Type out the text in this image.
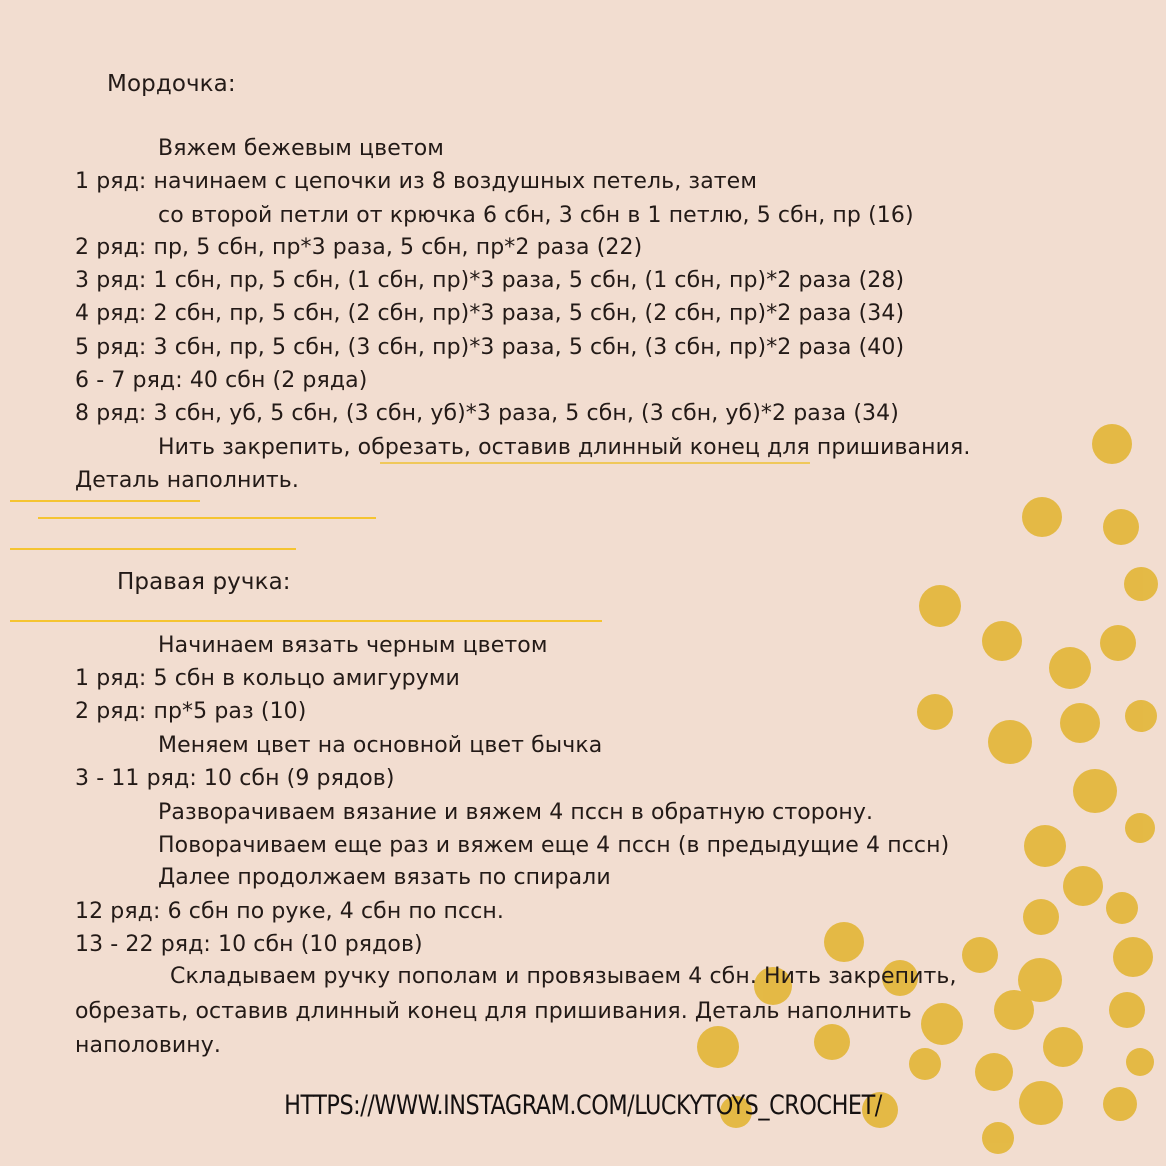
Мордочка:
Вяжем бежевым цветом
1 ряд: начинаем с цепочки из 8 воздушных петель, затем
со второй петли от крючка 6 сбн, 3 сбн в 1 петлю, 5 сбн, пр (16)
2 ряд: пр, 5 сбн, пр*3 раза, 5 сбн, пр*2 раза (22)
3 ряд: 1 сбн, пр, 5 сбн, (1 сбн, пр)*3 раза, 5 сбн, (1 сбн, пр)*2 раза (28)
4 ряд: 2 сбн, пр, 5 сбн, (2 сбн, пр)*3 раза, 5 сбн, (2 сбн, пр)*2 раза (34)
5 ряд: 3 сбн, пр, 5 сбн, (3 сбн, пр)*3 раза, 5 сбн, (3 сбн, пр)*2 раза (40)
6 - 7 ряд: 40 сбн (2 ряда)
8 ряд: 3 сбн, уб, 5 сбн, (3 сбн, уб)*3 раза, 5 сбн, (3 сбн, уб)*2 раза (34)
Нить закрепить, обрезать, оставив длинный конец для пришивания.
Деталь наполнить.
Правая ручка:
Начинаем вязать черным цветом
1 ряд: 5 сбн в кольцо амигуруми
2 ряд: пр*5 раз (10)
Меняем цвет на основной цвет бычка
3 - 11 ряд: 10 сбн (9 рядов)
Разворачиваем вязание и вяжем 4 пссн в обратную сторону.
Поворачиваем еще раз и вяжем еще 4 пссн (в предыдущие 4 пссн)
Далее продолжаем вязать по спирали
12 ряд: 6 сбн по руке, 4 сбн по пссн.
13 - 22 ряд: 10 сбн (10 рядов)
Складываем ручку пополам и провязываем 4 сбн. Нить закрепить,
обрезать, оставив длинный конец для пришивания. Деталь наполнить
наполовину.
HTTPS://WWW.INSTAGRAM.COM/LUCKYTOYS_CROCHET/
